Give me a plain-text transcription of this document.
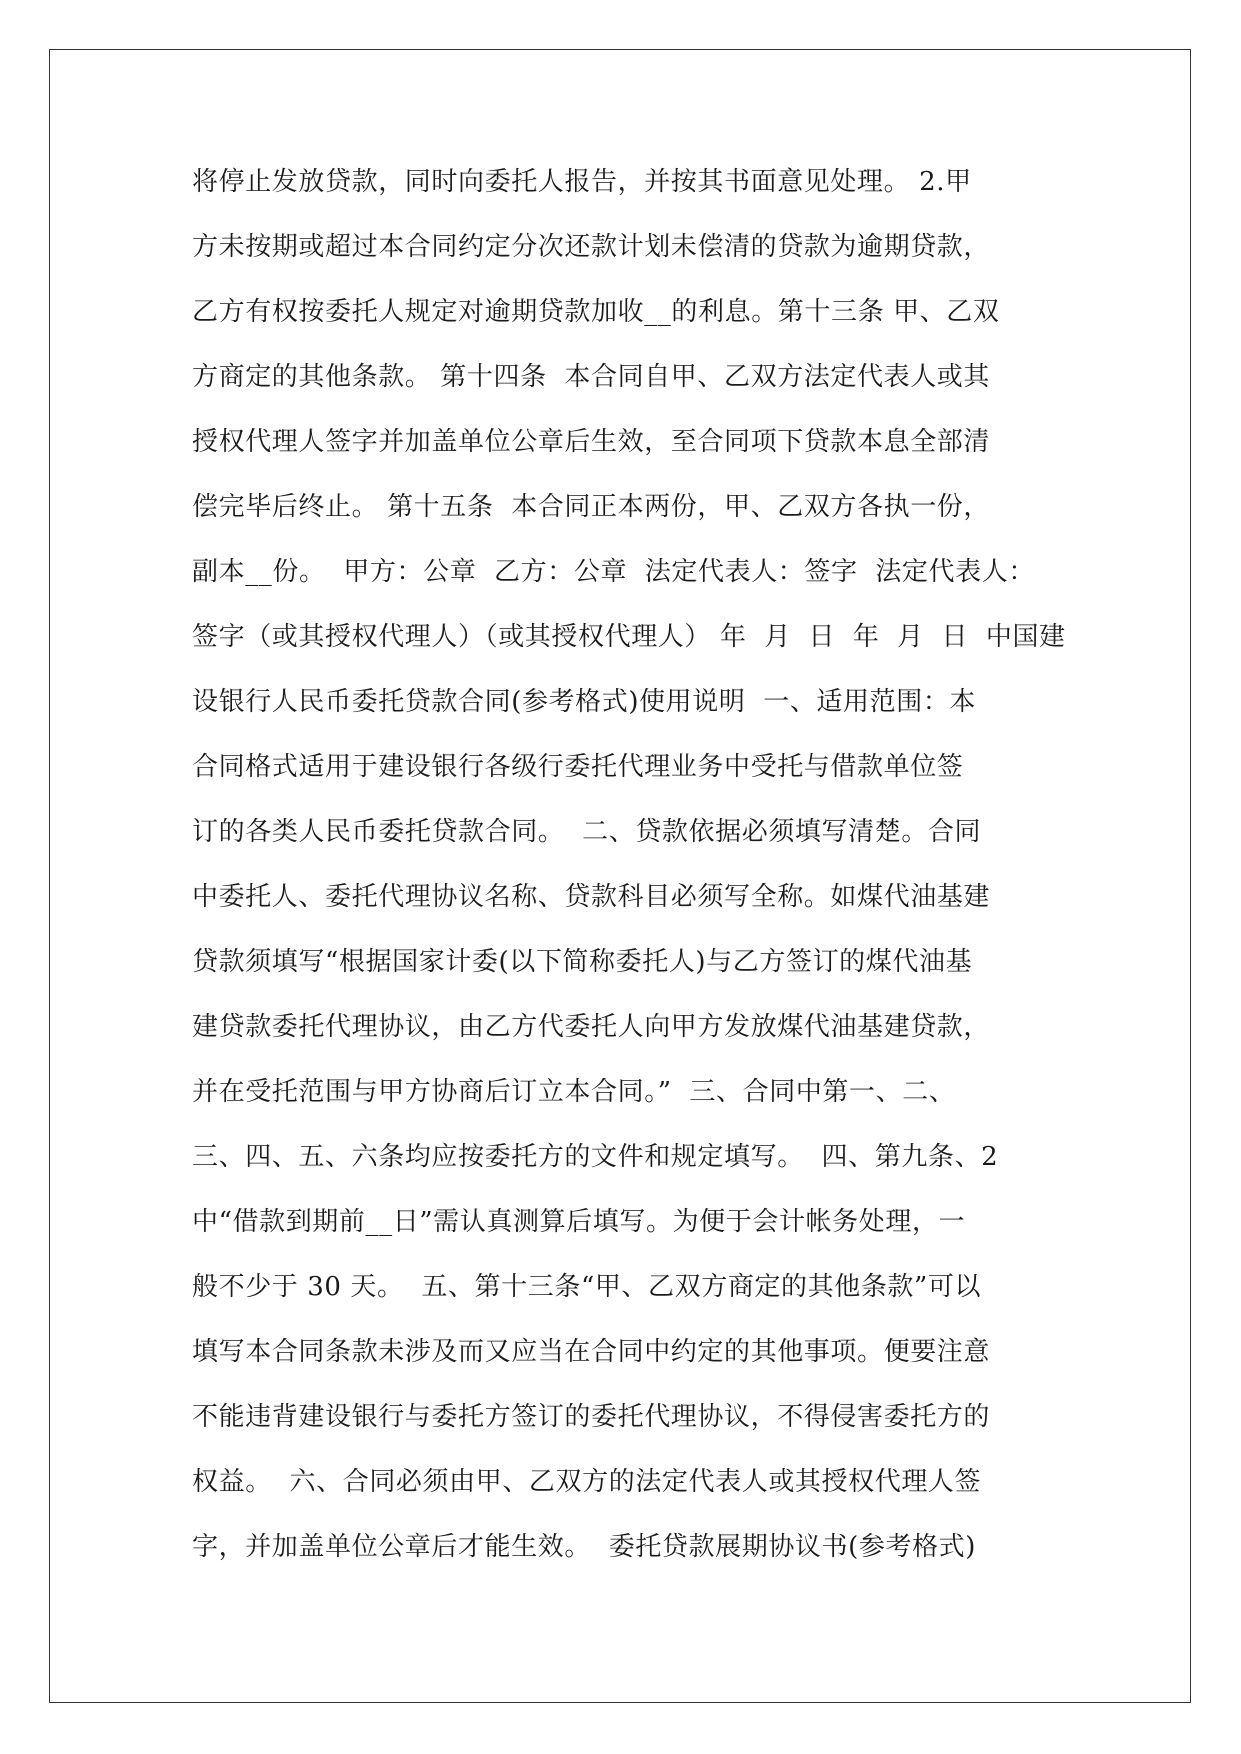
将停止发放贷款，同时向委托人报告，并按其书面意见处理。 2.甲
方未按期或超过本合同约定分次还款计划未偿清的贷款为逾期贷款，
乙方有权按委托人规定对逾期贷款加收__的利息。第十三条 甲、乙双
方商定的其他条款。 第十四条  本合同自甲、乙双方法定代表人或其
授权代理人签字并加盖单位公章后生效，至合同项下贷款本息全部清
偿完毕后终止。 第十五条  本合同正本两份，甲、乙双方各执一份，
副本__份。  甲方：公章  乙方：公章  法定代表人：签字  法定代表人：
签字（或其授权代理人）（或其授权代理人） 年  月  日  年  月  日  中国建
设银行人民币委托贷款合同(参考格式)使用说明  一、适用范围：本
合同格式适用于建设银行各级行委托代理业务中受托与借款单位签
订的各类人民币委托贷款合同。  二、贷款依据必须填写清楚。合同
中委托人、委托代理协议名称、贷款科目必须写全称。如煤代油基建
贷款须填写“根据国家计委(以下简称委托人)与乙方签订的煤代油基
建贷款委托代理协议，由乙方代委托人向甲方发放煤代油基建贷款，
并在受托范围与甲方协商后订立本合同。”  三、合同中第一、二、
三、四、五、六条均应按委托方的文件和规定填写。  四、第九条、2
中“借款到期前__日”需认真测算后填写。为便于会计帐务处理，一
般不少于 30 天。  五、第十三条“甲、乙双方商定的其他条款”可以
填写本合同条款未涉及而又应当在合同中约定的其他事项。便要注意
不能违背建设银行与委托方签订的委托代理协议，不得侵害委托方的
权益。  六、合同必须由甲、乙双方的法定代表人或其授权代理人签
字，并加盖单位公章后才能生效。  委托贷款展期协议书(参考格式)
